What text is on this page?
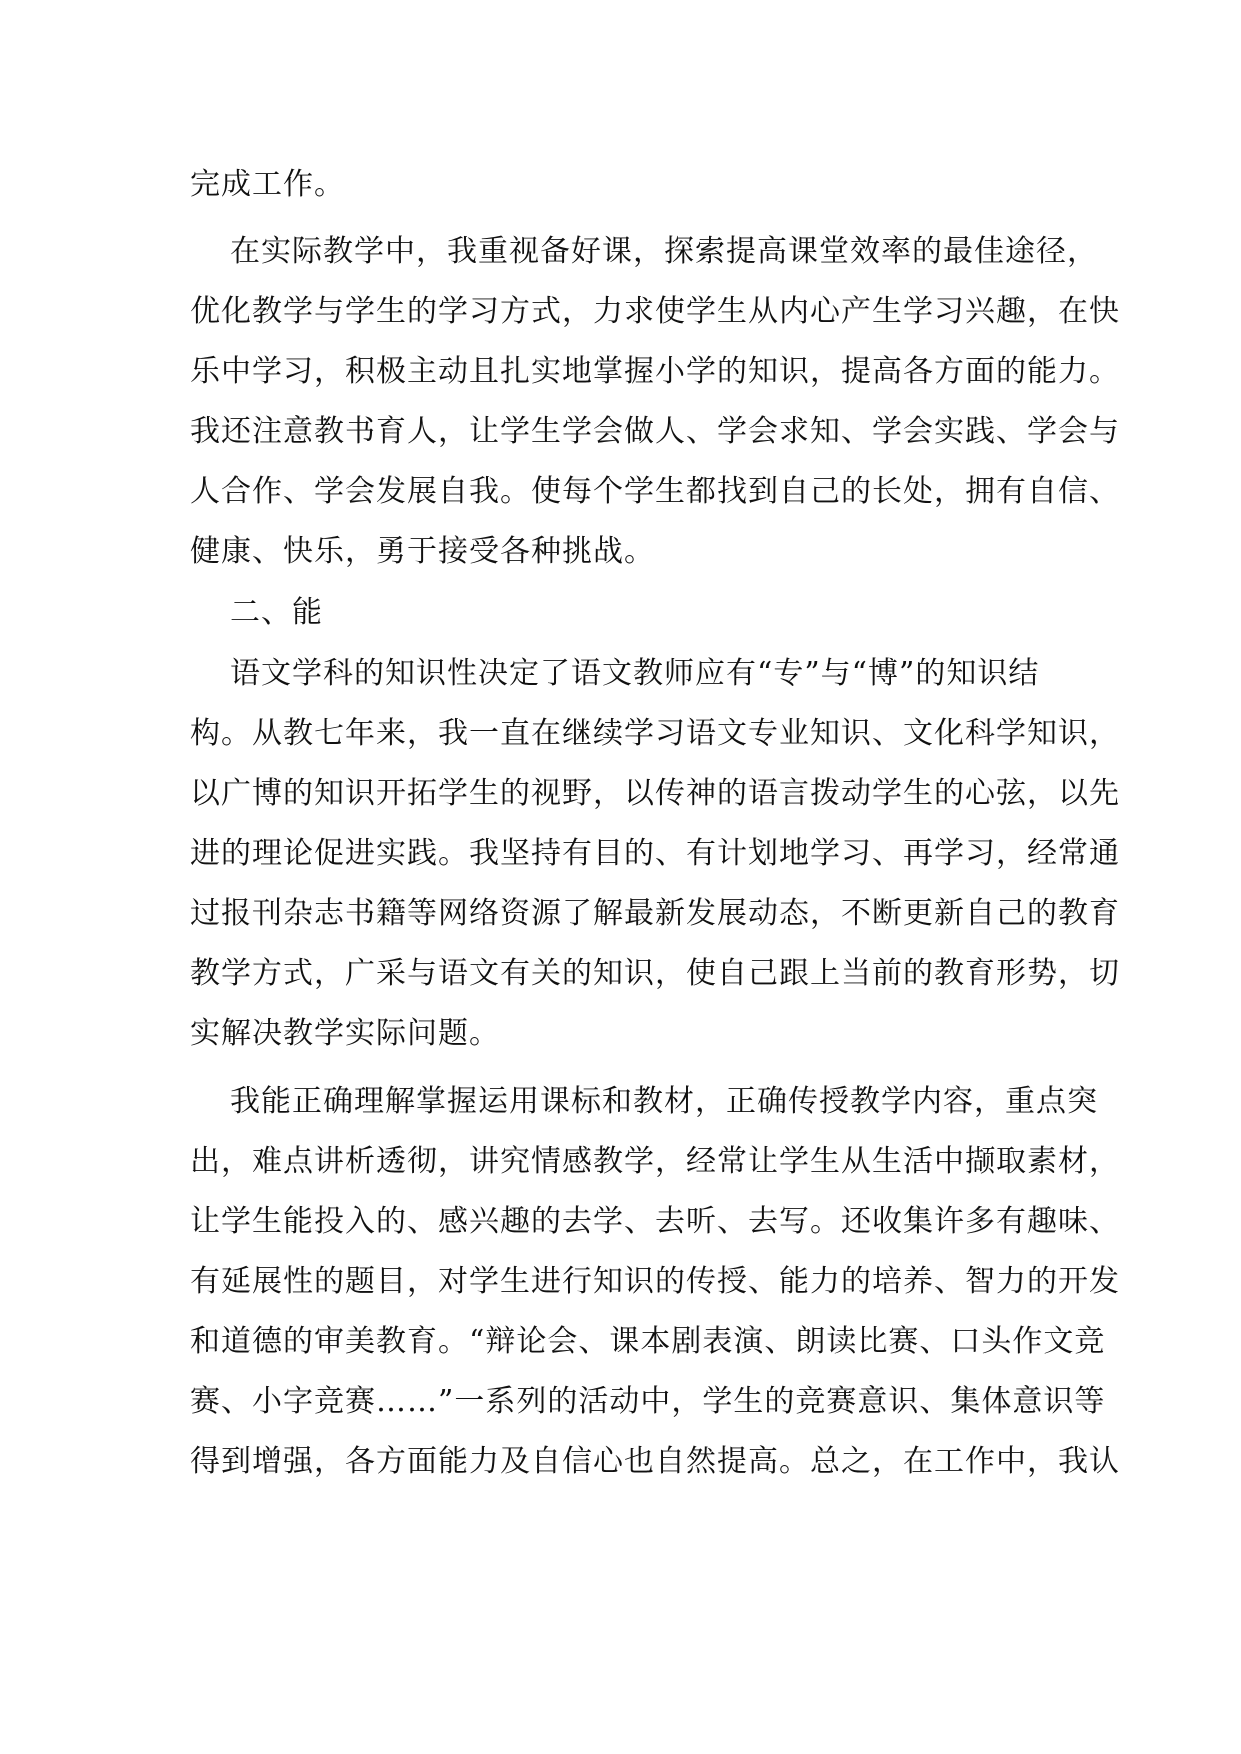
完成工作。
在实际教学中，我重视备好课，探索提高课堂效率的最佳途径，
优化教学与学生的学习方式，力求使学生从内心产生学习兴趣，在快
乐中学习，积极主动且扎实地掌握小学的知识，提高各方面的能力。
我还注意教书育人，让学生学会做人、学会求知、学会实践、学会与
人合作、学会发展自我。使每个学生都找到自己的长处，拥有自信、
健康、快乐，勇于接受各种挑战。
二、能
语文学科的知识性决定了语文教师应有“专”与“博”的知识结
构。从教七年来，我一直在继续学习语文专业知识、文化科学知识，
以广博的知识开拓学生的视野，以传神的语言拨动学生的心弦，以先
进的理论促进实践。我坚持有目的、有计划地学习、再学习，经常通
过报刊杂志书籍等网络资源了解最新发展动态，不断更新自己的教育
教学方式，广采与语文有关的知识，使自己跟上当前的教育形势，切
实解决教学实际问题。
我能正确理解掌握运用课标和教材，正确传授教学内容，重点突
出，难点讲析透彻，讲究情感教学，经常让学生从生活中撷取素材，
让学生能投入的、感兴趣的去学、去听、去写。还收集许多有趣味、
有延展性的题目，对学生进行知识的传授、能力的培养、智力的开发
和道德的审美教育。“辩论会、课本剧表演、朗读比赛、口头作文竞
赛、小字竞赛……”一系列的活动中，学生的竞赛意识、集体意识等
得到增强，各方面能力及自信心也自然提高。总之，在工作中，我认
